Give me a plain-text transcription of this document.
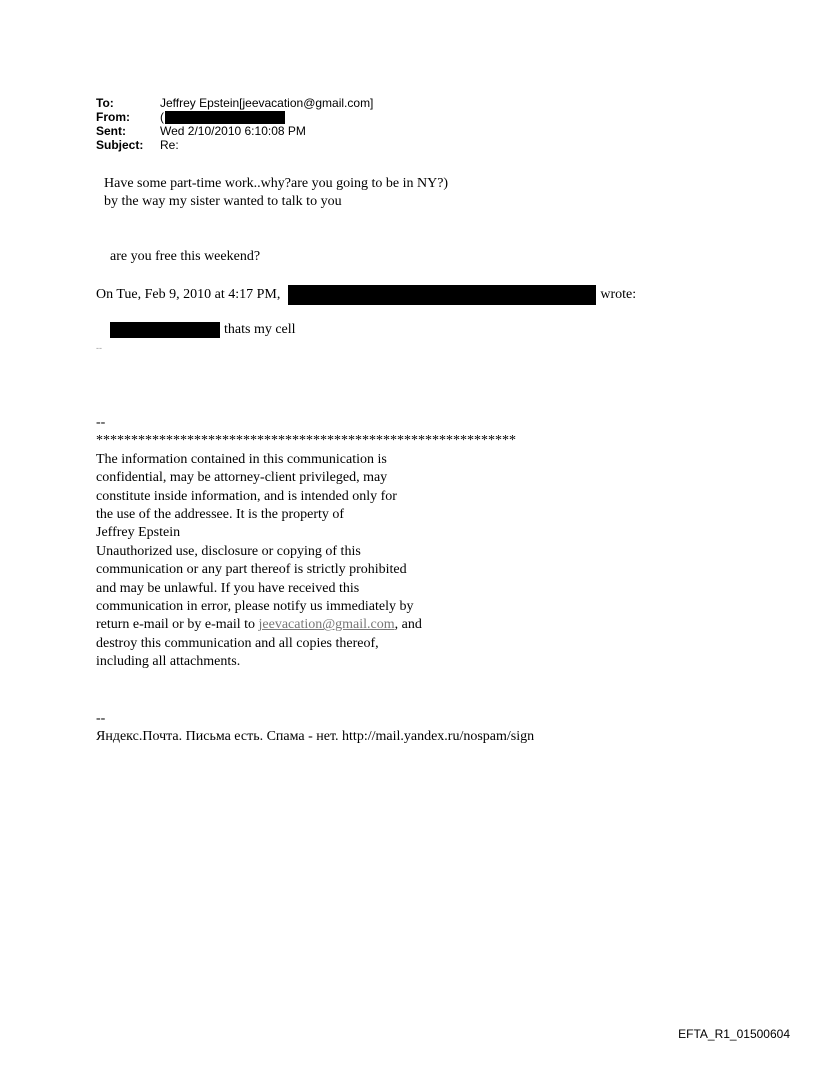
To:	Jeffrey Epstein[jeevacation@gmail.com]
From:	(
Sent:	Wed 2/10/2010 6:10:08 PM
Subject:	Re:
Have some part-time work..why?are you going to be in NY?)
by the way my sister wanted to talk to you
are you free this weekend?
On Tue, Feb 9, 2010 at 4:17 PM,	wrote:
thats my cell
--
--
************************************************************
The information contained in this communication is
confidential, may be attorney-client privileged, may
constitute inside information, and is intended only for
the use of the addressee. It is the property of
Jeffrey Epstein
Unauthorized use, disclosure or copying of this
communication or any part thereof is strictly prohibited
and may be unlawful. If you have received this
communication in error, please notify us immediately by
return e-mail or by e-mail to jeevacation@gmail.com, and
destroy this communication and all copies thereof,
including all attachments.
--
Яндекс.Почта. Письма есть. Спама - нет. http://mail.yandex.ru/nospam/sign
EFTA_R1_01500604
